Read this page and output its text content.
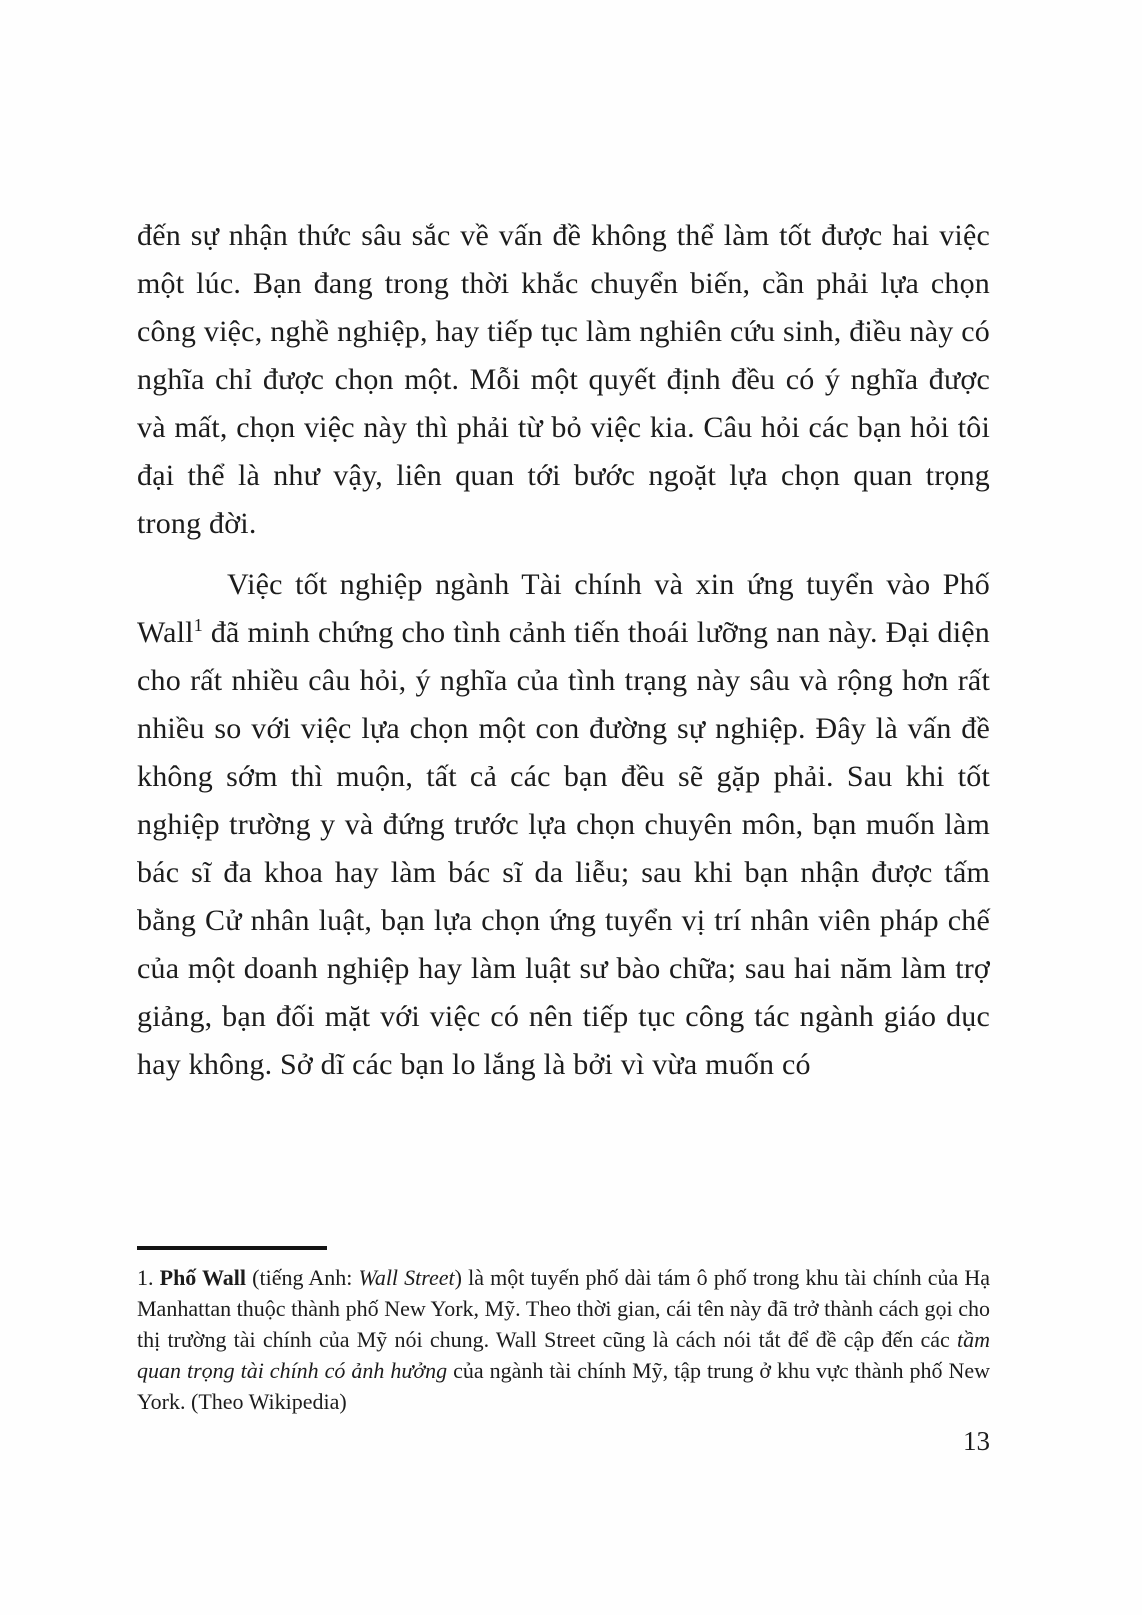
đến sự nhận thức sâu sắc về vấn đề không thể làm tốt được hai việc một lúc. Bạn đang trong thời khắc chuyển biến, cần phải lựa chọn công việc, nghề nghiệp, hay tiếp tục làm nghiên cứu sinh, điều này có nghĩa chỉ được chọn một. Mỗi một quyết định đều có ý nghĩa được và mất, chọn việc này thì phải từ bỏ việc kia. Câu hỏi các bạn hỏi tôi đại thể là như vậy, liên quan tới bước ngoặt lựa chọn quan trọng trong đời.

Việc tốt nghiệp ngành Tài chính và xin ứng tuyển vào Phố Wall$^1$ đã minh chứng cho tình cảnh tiến thoái lưỡng nan này. Đại diện cho rất nhiều câu hỏi, ý nghĩa của tình trạng này sâu và rộng hơn rất nhiều so với việc lựa chọn một con đường sự nghiệp. Đây là vấn đề không sớm thì muộn, tất cả các bạn đều sẽ gặp phải. Sau khi tốt nghiệp trường y và đứng trước lựa chọn chuyên môn, bạn muốn làm bác sĩ đa khoa hay làm bác sĩ da liễu; sau khi bạn nhận được tấm bằng Cử nhân luật, bạn lựa chọn ứng tuyển vị trí nhân viên pháp chế của một doanh nghiệp hay làm luật sư bào chữa; sau hai năm làm trợ giảng, bạn đối mặt với việc có nên tiếp tục công tác ngành giáo dục hay không. Sở dĩ các bạn lo lắng là bởi vì vừa muốn có

1. Phố Wall (tiếng Anh: Wall Street) là một tuyến phố dài tám ô phố trong khu tài chính của Hạ Manhattan thuộc thành phố New York, Mỹ. Theo thời gian, cái tên này đã trở thành cách gọi cho thị trường tài chính của Mỹ nói chung. Wall Street cũng là cách nói tắt để đề cập đến các tầm quan trọng tài chính có ảnh hưởng của ngành tài chính Mỹ, tập trung ở khu vực thành phố New York. (Theo Wikipedia)

13
